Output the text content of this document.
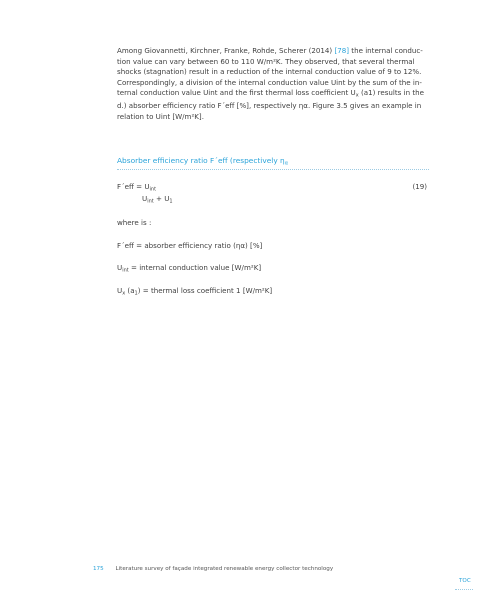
Among Giovannetti, Kirchner, Franke, Rohde, Scherer (2014) [78] the internal conduc-tion value can vary between 60 to 110 W/m²K. They observed, that several thermal shocks (stagnation) result in a reduction of the internal conduction value of 9 to 12%. Correspondingly, a division of the internal conduction value Uint by the sum of the in-ternal conduction value Uint and the first thermal loss coefficient $U_x$ (a1) results in the d.) absorber efficiency ratio F´eff [%], respectively ηα. Figure 3.5 gives an example in relation to Uint [W/m²K].
Absorber efficiency ratio F´eff (respectively $\eta_\alpha$
F´eff = $U_{int}$	(19)
$U_{int} + U_1$
where is :
F´eff = absorber efficiency ratio (ηα) [%]
$U_{int}$ = internal conduction value [W/m²K]
$U_x$ $(a_1)$ = thermal loss coefficient 1 [W/m²K]
175 Literature survey of façade integrated renewable energy collector technology
TOC
